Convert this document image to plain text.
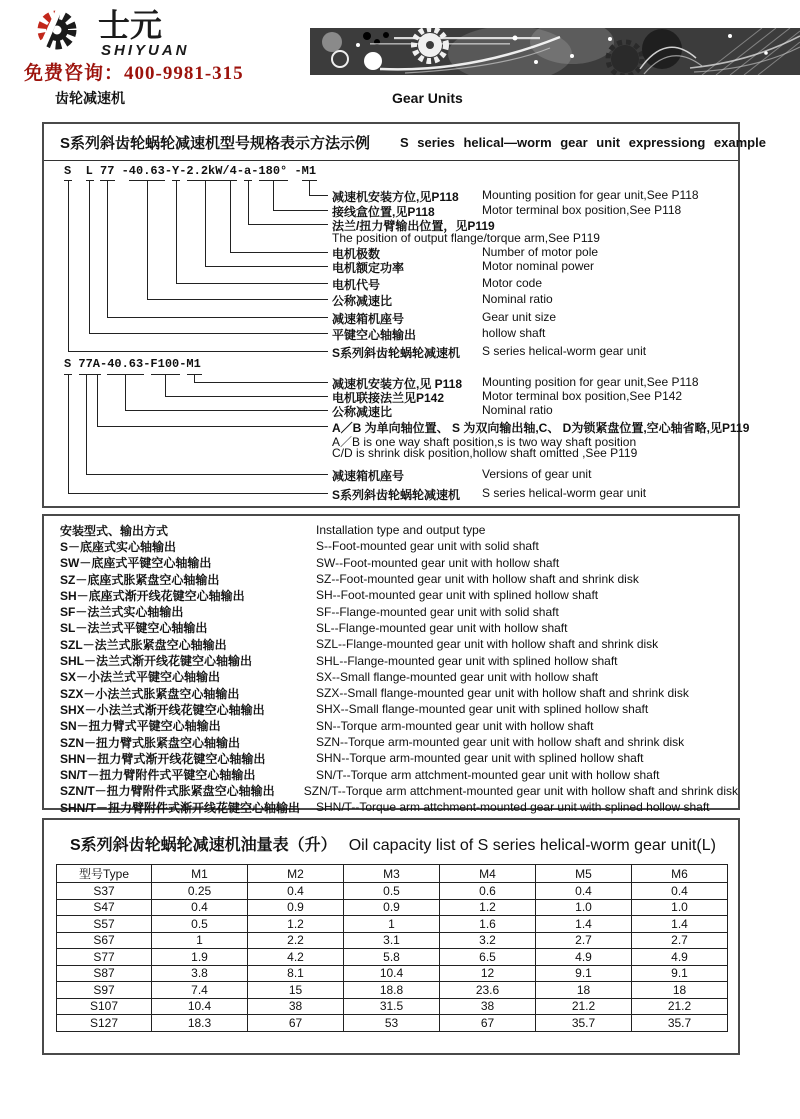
士元
SHIYUAN
免费咨询：400-9981-315
齿轮减速机	Gear Units
S系列斜齿轮蜗轮减速机型号规格表示方法示例 S series helical—worm gear unit expressiong example
S  L 77 -40.63-Y-2.2kW/4-a-180° -M1
减速机安装方位,见P118 Mounting position for gear unit,See P118
接线盒位置,见P118	Motor terminal box position,See P118
法兰/扭力臂输出位置，见P119
The position of output flange/torque arm,See P119
电机极数	Number of motor pole
电机额定功率	Motor nominal power
电机代号	Motor code
公称减速比	Nominal ratio
减速箱机座号	Gear unit size
平键空心轴输出	hollow shaft
S系列斜齿轮蜗轮减速机 S series helical-worm gear unit
S 77A-40.63-F100-M1
减速机安装方位,见 P118 Mounting position for gear unit,See P118
电机联接法兰见P142	Motor terminal box position,See P142
公称减速比	Nominal ratio
A／B 为单向轴位置、 S 为双向输出轴,C、 D为锁紧盘位置,空心轴省略,见P119
A／B is one way shaft position,s is two way shaft position
C/D is shrink disk position,hollow shaft omitted ,See P119
减速箱机座号	Versions of gear unit
S系列斜齿轮蜗轮减速机 S series helical-worm gear unit
安装型式、输出方式	Installation type and output type
S－底座式实心轴输出	S--Foot-mounted gear unit with solid shaft
SW－底座式平键空心轴输出	SW--Foot-mounted gear unit with hollow shaft
SZ－底座式胀紧盘空心轴输出	SZ--Foot-mounted gear unit with hollow shaft and shrink disk
SH－底座式渐开线花键空心轴输出	SH--Foot-mounted gear unit with splined hollow shaft
SF－法兰式实心轴输出	SF--Flange-mounted gear unit with solid shaft
SL－法兰式平键空心轴输出	SL--Flange-mounted gear unit with hollow shaft
SZL－法兰式胀紧盘空心轴输出	SZL--Flange-mounted gear unit with hollow shaft and shrink disk
SHL－法兰式渐开线花键空心轴输出	SHL--Flange-mounted gear unit with splined hollow shaft
SX－小法兰式平键空心轴输出	SX--Small flange-mounted gear unit with hollow shaft
SZX－小法兰式胀紧盘空心轴输出	SZX--Small flange-mounted gear unit with hollow shaft and shrink disk
SHX－小法兰式渐开线花键空心轴输出	SHX--Small flange-mounted gear unit with splined hollow shaft
SN－扭力臂式平键空心轴输出	SN--Torque arm-mounted gear unit with hollow shaft
SZN－扭力臂式胀紧盘空心轴输出	SZN--Torque arm-mounted gear unit with hollow shaft and shrink disk
SHN－扭力臂式渐开线花键空心轴输出	SHN--Torque arm-mounted gear unit with splined hollow shaft
SN/T－扭力臂附件式平键空心轴输出	SN/T--Torque arm attchment-mounted gear unit with hollow shaft
SZN/T－扭力臂附件式胀紧盘空心轴输出	SZN/T--Torque arm attchment-mounted gear unit with hollow shaft and shrink disk
SHN/T－扭力臂附件式渐开线花键空心轴输出	SHN/T--Torque arm attchment-mounted gear unit with splined hollow shaft
S系列斜齿轮蜗轮减速机油量表（升） Oil capacity list of S series helical-worm gear unit(L)
型号Type	M1	M2	M3	M4	M5	M6
S37	0.25	0.4	0.5	0.6	0.4	0.4
S47	0.4	0.9	0.9	1.2	1.0	1.0
S57	0.5	1.2	1	1.6	1.4	1.4
S67	1	2.2	3.1	3.2	2.7	2.7
S77	1.9	4.2	5.8	6.5	4.9	4.9
S87	3.8	8.1	10.4	12	9.1	9.1
S97	7.4	15	18.8	23.6	18	18
S107	10.4	38	31.5	38	21.2	21.2
S127	18.3	67	53	67	35.7	35.7
